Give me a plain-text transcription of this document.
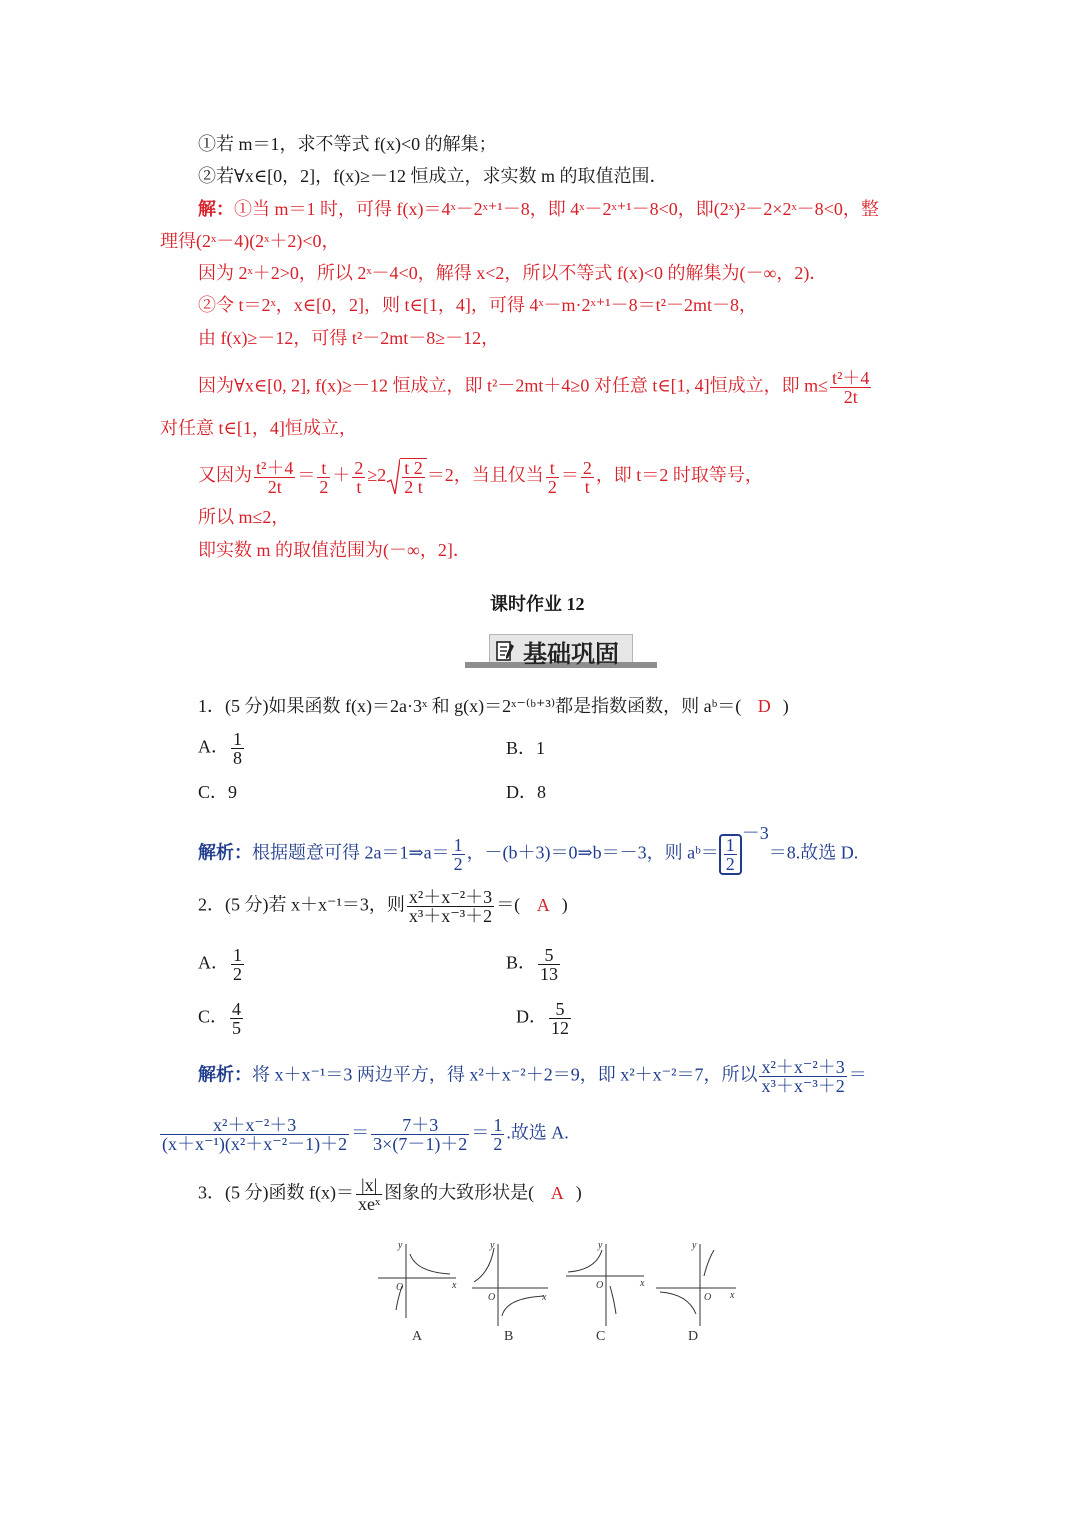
①若 m＝1，求不等式 f(x)<0 的解集；
②若∀x∈[0，2]，f(x)≥－12 恒成立，求实数 m 的取值范围．
解：①当 m＝1 时，可得 f(x)＝4ˣ－2ˣ⁺¹－8，即 4ˣ－2ˣ⁺¹－8<0，即(2ˣ)²－2×2ˣ－8<0，整
理得(2ˣ－4)(2ˣ＋2)<0，
因为 2ˣ＋2>0，所以 2ˣ－4<0，解得 x<2，所以不等式 f(x)<0 的解集为(－∞，2)．
②令 t＝2ˣ，x∈[0，2]，则 t∈[1，4]，可得 4ˣ－m·2ˣ⁺¹－8＝t²－2mt－8，
由 f(x)≥－12，可得 t²－2mt－8≥－12，
因为∀x∈[0, 2], f(x)≥－12 恒成立，即 t²－2mt＋4≥0 对任意 t∈[1, 4]恒成立，即 $m\le \frac{\text{t²＋4}}{2t}$
对任意 t∈[1，4]恒成立，
又因为 $\frac{\text{t²＋4}}{2t} = \frac{t}{2} + \frac{2}{t} \ge 2 \frac{t 2}{2 t} =2$，当且仅当 $\frac{t}{2} = \frac{2}{t}$ ，即 t＝2 时取等号，
所以 m≤2，
即实数 m 的取值范围为(－∞，2]．
课时作业 12
基础巩固
1．(5 分)如果函数 f(x)＝2a·3ˣ 和 g(x)＝2ˣ⁻⁽ᵇ⁺³⁾都是指数函数，则 aᵇ＝( D )
A． $\frac{1}{8}$	B．1
C．9	D．8
解析：根据题意可得 2a＝1⇒a＝ $\frac{1}{2}$ ，－(b＋3)＝0⇒b＝－3，则 aᵇ＝ $\frac{1}{2}$
－3＝8.故选 D.
2．(5 分)若 x＋x⁻¹＝3，则 $\frac{\text{x²＋x⁻²＋3}}{\text{x³＋x⁻³＋2}}$ ＝( A )
A． $\frac{1}{2}$	B． $\frac{5}{13}$
C． $\frac{4}{5}$	D． $\frac{5}{12}$
解析：将 x＋x⁻¹＝3 两边平方，得 x²＋x⁻²＋2＝9，即 x²＋x⁻²＝7，所以 $\frac{\text{x²＋x⁻²＋3}}{\text{x³＋x⁻³＋2}}$ ＝
$\frac{\text{x²＋x⁻²＋3}}{\text{(x＋x⁻¹)(x²＋x⁻²－1)＋2}} = \frac{7+3}{3\times(7-1)+2} = \frac{1}{2}$ .故选 A.
3．(5 分)函数 $f(x)= \frac{|x|}{\text{xeˣ}}$ 图象的大致形状是( A )
y
x
O
y
x
O
y
x
O
y
x
O
A	B	C	D
